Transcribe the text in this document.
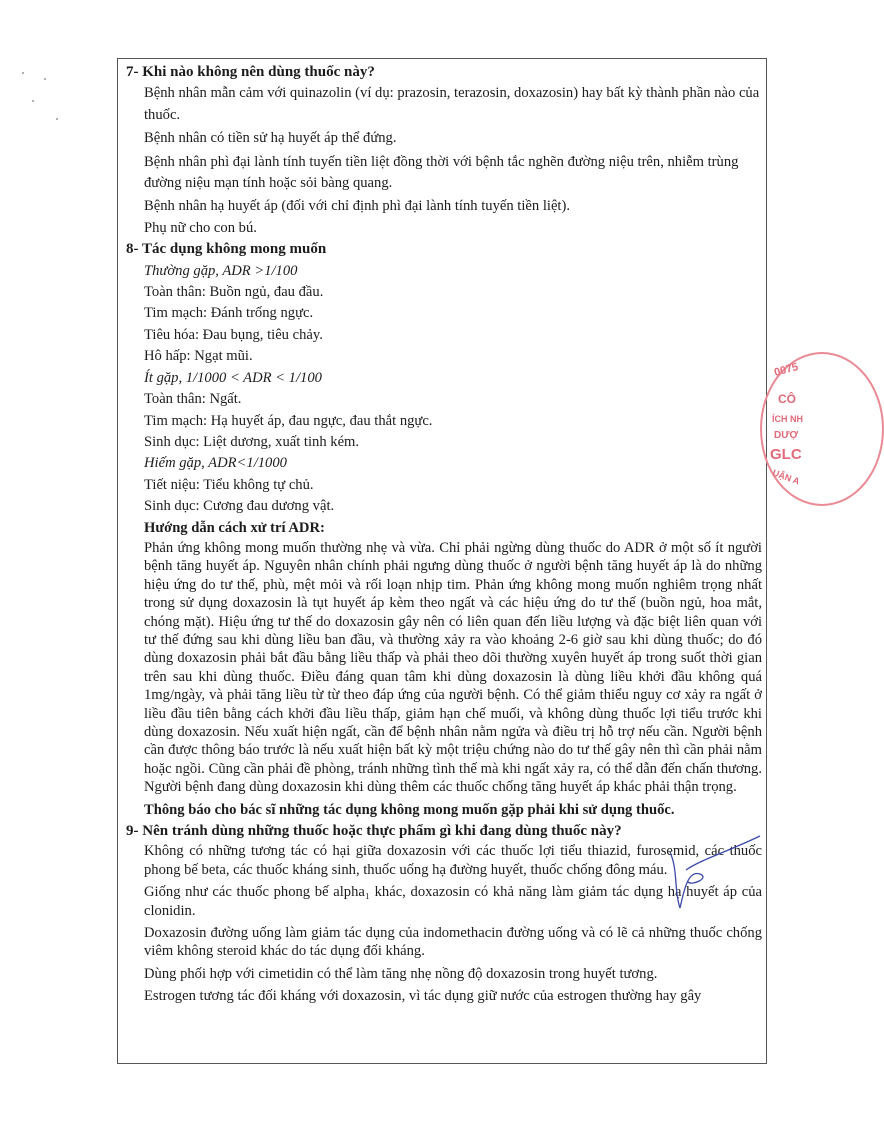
7- Khi nào không nên dùng thuốc này?

Bệnh nhân mẫn cảm với quinazolin (ví dụ: prazosin, terazosin, doxazosin) hay bất kỳ thành phần nào của thuốc.

Bệnh nhân có tiền sử hạ huyết áp thể đứng.

Bệnh nhân phì đại lành tính tuyến tiền liệt đồng thời với bệnh tắc nghẽn đường niệu trên, nhiễm trùng đường niệu mạn tính hoặc sỏi bàng quang.

Bệnh nhân hạ huyết áp (đối với chỉ định phì đại lành tính tuyến tiền liệt).

Phụ nữ cho con bú.

8- Tác dụng không mong muốn

Thường gặp, ADR >1/100

Toàn thân: Buồn ngủ, đau đầu.

Tim mạch: Đánh trống ngực.

Tiêu hóa: Đau bụng, tiêu chảy.

Hô hấp: Ngạt mũi.

Ít gặp, 1/1000 < ADR < 1/100

Toàn thân: Ngất.

Tim mạch: Hạ huyết áp, đau ngực, đau thắt ngực.

Sinh dục: Liệt dương, xuất tinh kém.

Hiếm gặp, ADR<1/1000

Tiết niệu: Tiểu không tự chủ.

Sinh dục: Cương đau dương vật.

Hướng dẫn cách xử trí ADR:

Phản ứng không mong muốn thường nhẹ và vừa. Chỉ phải ngừng dùng thuốc do ADR ở một số ít người bệnh tăng huyết áp. Nguyên nhân chính phải ngưng dùng thuốc ở người bệnh tăng huyết áp là do những hiệu ứng do tư thế, phù, mệt mỏi và rối loạn nhịp tim. Phản ứng không mong muốn nghiêm trọng nhất trong sử dụng doxazosin là tụt huyết áp kèm theo ngất và các hiệu ứng do tư thế (buồn ngủ, hoa mắt, chóng mặt). Hiệu ứng tư thế do doxazosin gây nên có liên quan đến liều lượng và đặc biệt liên quan với tư thế đứng sau khi dùng liều ban đầu, và thường xảy ra vào khoảng 2-6 giờ sau khi dùng thuốc; do đó dùng doxazosin phải bắt đầu bằng liều thấp và phải theo dõi thường xuyên huyết áp trong suốt thời gian trên sau khi dùng thuốc. Điều đáng quan tâm khi dùng doxazosin là dùng liều khởi đầu không quá 1mg/ngày, và phải tăng liều từ từ theo đáp ứng của người bệnh. Có thể giảm thiểu nguy cơ xảy ra ngất ở liều đầu tiên bằng cách khởi đầu liều thấp, giảm hạn chế muối, và không dùng thuốc lợi tiểu trước khi dùng doxazosin. Nếu xuất hiện ngất, cần để bệnh nhân nằm ngửa và điều trị hỗ trợ nếu cần. Người bệnh cần được thông báo trước là nếu xuất hiện bất kỳ một triệu chứng nào do tư thế gây nên thì cần phải nằm hoặc ngồi. Cũng cần phải đề phòng, tránh những tình thế mà khi ngất xảy ra, có thể dẫn đến chấn thương. Người bệnh đang dùng doxazosin khi dùng thêm các thuốc chống tăng huyết áp khác phải thận trọng.

Thông báo cho bác sĩ những tác dụng không mong muốn gặp phải khi sử dụng thuốc.

9- Nên tránh dùng những thuốc hoặc thực phẩm gì khi đang dùng thuốc này?

Không có những tương tác có hại giữa doxazosin với các thuốc lợi tiểu thiazid, furosemid, các thuốc phong bế beta, các thuốc kháng sinh, thuốc uống hạ đường huyết, thuốc chống đông máu.

Giống như các thuốc phong bế alpha₁ khác, doxazosin có khả năng làm giảm tác dụng hạ huyết áp của clonidin.

Doxazosin đường uống làm giảm tác dụng của indomethacin đường uống và có lẽ cả những thuốc chống viêm không steroid khác do tác dụng đối kháng.

Dùng phối hợp với cimetidin có thể làm tăng nhẹ nồng độ doxazosin trong huyết tương.

Estrogen tương tác đối kháng với doxazosin, vì tác dụng giữ nước của estrogen thường hay gây

0075
CÔ
ÍCH NH
DƯỢ
GLC
UẬN A
